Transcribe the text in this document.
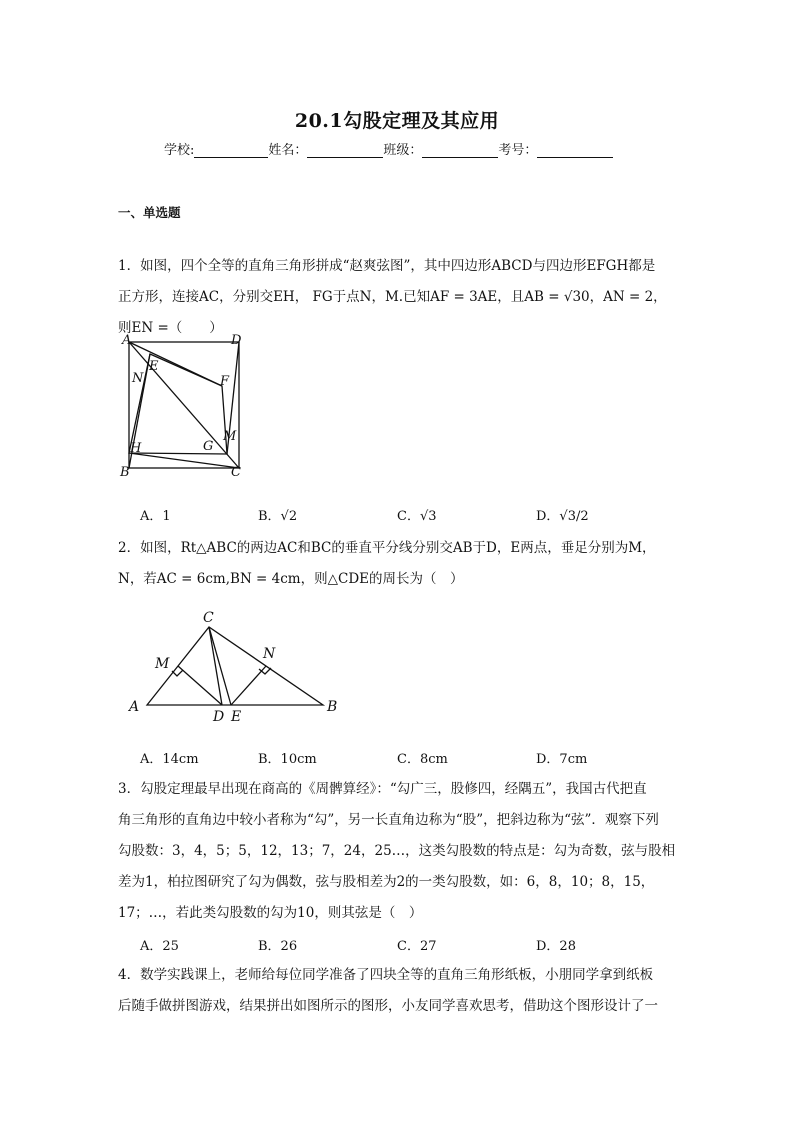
20.1勾股定理及其应用
学校:	姓名：	班级：	考号：
一、单选题
1．如图，四个全等的直角三角形拼成“赵爽弦图”，其中四边形ABCD与四边形EFGH都是
正方形，连接AC，分别交EH， FG于点N，M.已知AF = 3AE，且AB = √30，AN = 2，
则EN =（　　）
A	D
B	C
E
N	F
H	G
M
A．1	B．√2	C．√3	D．√3/2
2．如图，Rt△ABC的两边AC和BC的垂直平分线分别交AB于D，E两点，垂足分别为M，
N，若AC = 6cm,BN = 4cm，则△CDE的周长为（　）
C
M
N
A
D E
B
A．14cm	B．10cm	C．8cm	D．7cm
3．勾股定理最早出现在商高的《周髀算经》：“勾广三，股修四，经隅五”，我国古代把直
角三角形的直角边中较小者称为“勾”，另一长直角边称为“股”，把斜边称为“弦”．观察下列
勾股数：3，4，5；5，12，13；7，24，25…，这类勾股数的特点是：勾为奇数，弦与股相
差为1，柏拉图研究了勾为偶数，弦与股相差为2的一类勾股数，如：6，8，10；8，15，
17；…，若此类勾股数的勾为10，则其弦是（　）
A．25	B．26	C．27	D．28
4．数学实践课上，老师给每位同学准备了四块全等的直角三角形纸板，小朋同学拿到纸板
后随手做拼图游戏，结果拼出如图所示的图形，小友同学喜欢思考，借助这个图形设计了一
